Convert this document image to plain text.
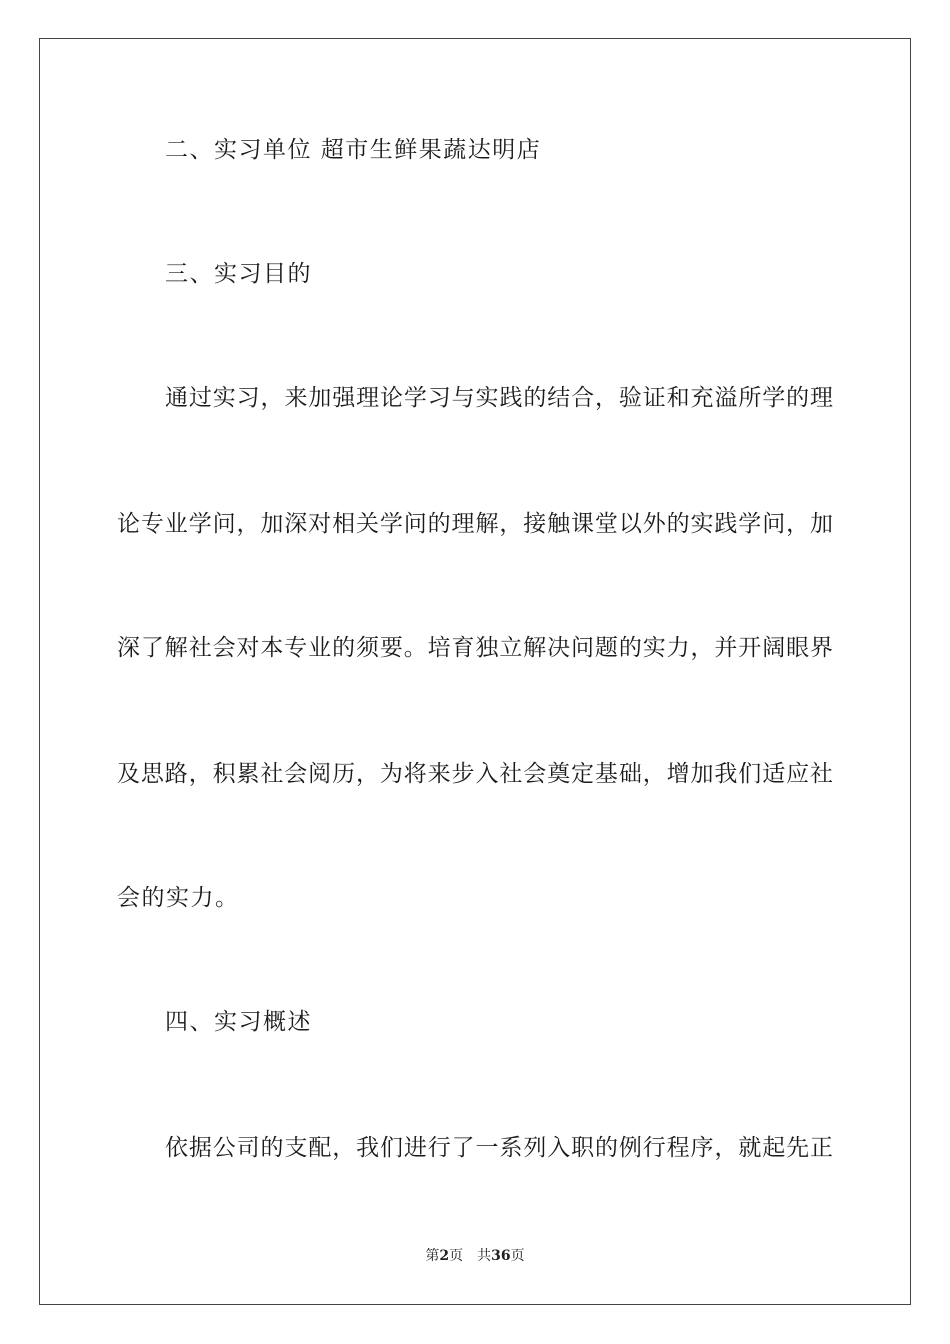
二、实习单位 超市生鲜果蔬达明店
三、实习目的
通过实习，来加强理论学习与实践的结合，验证和充溢所学的理
论专业学问，加深对相关学问的理解，接触课堂以外的实践学问，加
深了解社会对本专业的须要。培育独立解决问题的实力，并开阔眼界
及思路，积累社会阅历，为将来步入社会奠定基础，增加我们适应社
会的实力。
四、实习概述
依据公司的支配，我们进行了一系列入职的例行程序，就起先正
第2页 共36页
